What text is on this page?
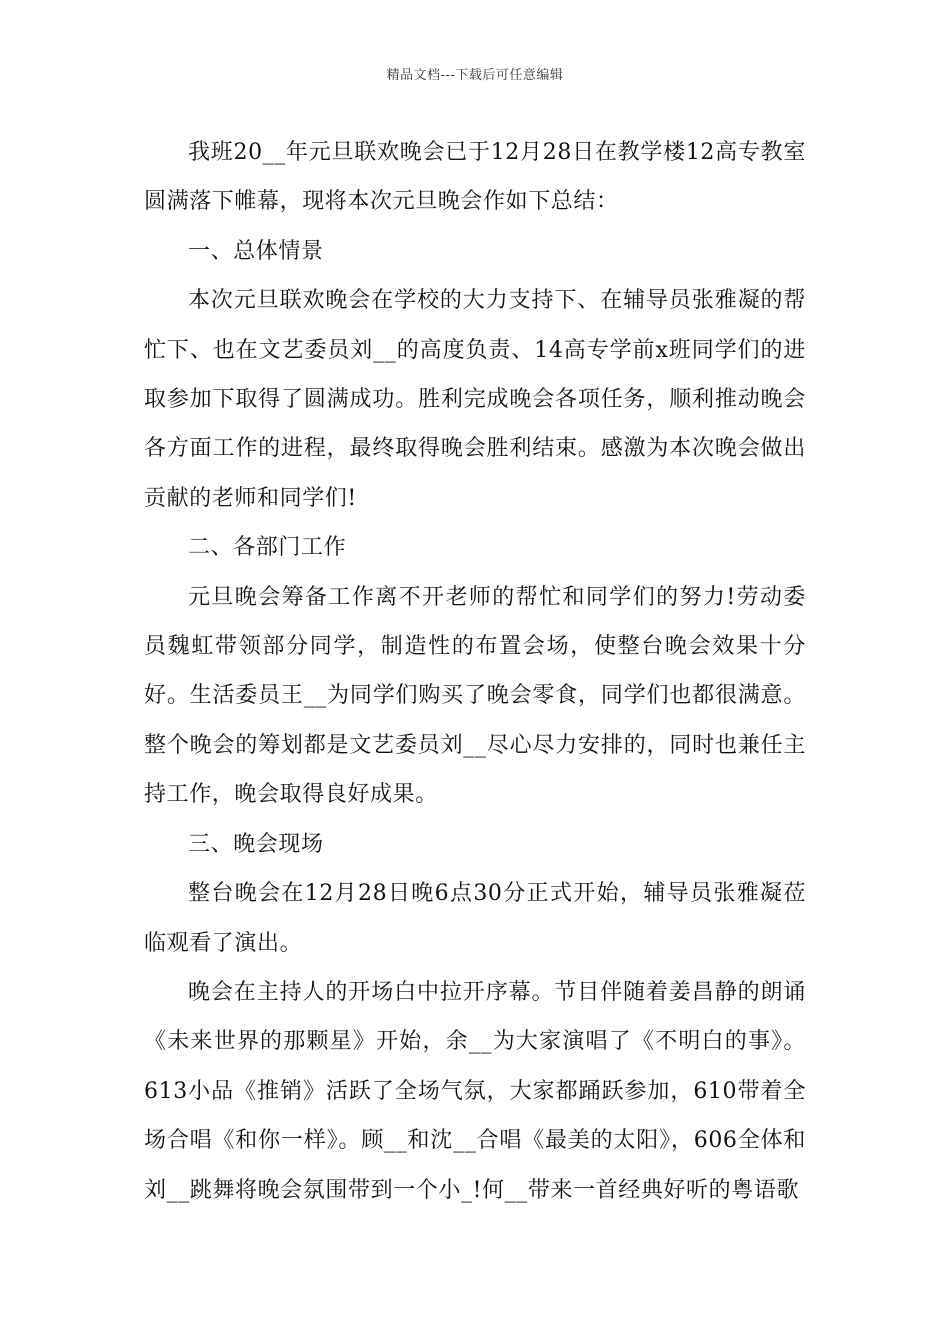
精品文档---下载后可任意编辑

我班20__年元旦联欢晚会已于12月28日在教学楼12高专教室圆满落下帷幕，现将本次元旦晚会作如下总结：

一、总体情景

本次元旦联欢晚会在学校的大力支持下、在辅导员张雅凝的帮忙下、也在文艺委员刘__的高度负责、14高专学前x班同学们的进取参加下取得了圆满成功。胜利完成晚会各项任务，顺利推动晚会各方面工作的进程，最终取得晚会胜利结束。感激为本次晚会做出贡献的老师和同学们!

二、各部门工作

元旦晚会筹备工作离不开老师的帮忙和同学们的努力!劳动委员魏虹带领部分同学，制造性的布置会场，使整台晚会效果十分好。生活委员王__为同学们购买了晚会零食，同学们也都很满意。整个晚会的筹划都是文艺委员刘__尽心尽力安排的，同时也兼任主持工作，晚会取得良好成果。

三、晚会现场

整台晚会在12月28日晚6点30分正式开始，辅导员张雅凝莅临观看了演出。

晚会在主持人的开场白中拉开序幕。节目伴随着姜昌静的朗诵《未来世界的那颗星》开始，余__为大家演唱了《不明白的事》。613小品《推销》活跃了全场气氛，大家都踊跃参加，610带着全场合唱《和你一样》。顾__和沈__合唱《最美的太阳》，606全体和刘__跳舞将晚会氛围带到一个小_!何__带来一首经典好听的粤语歌
